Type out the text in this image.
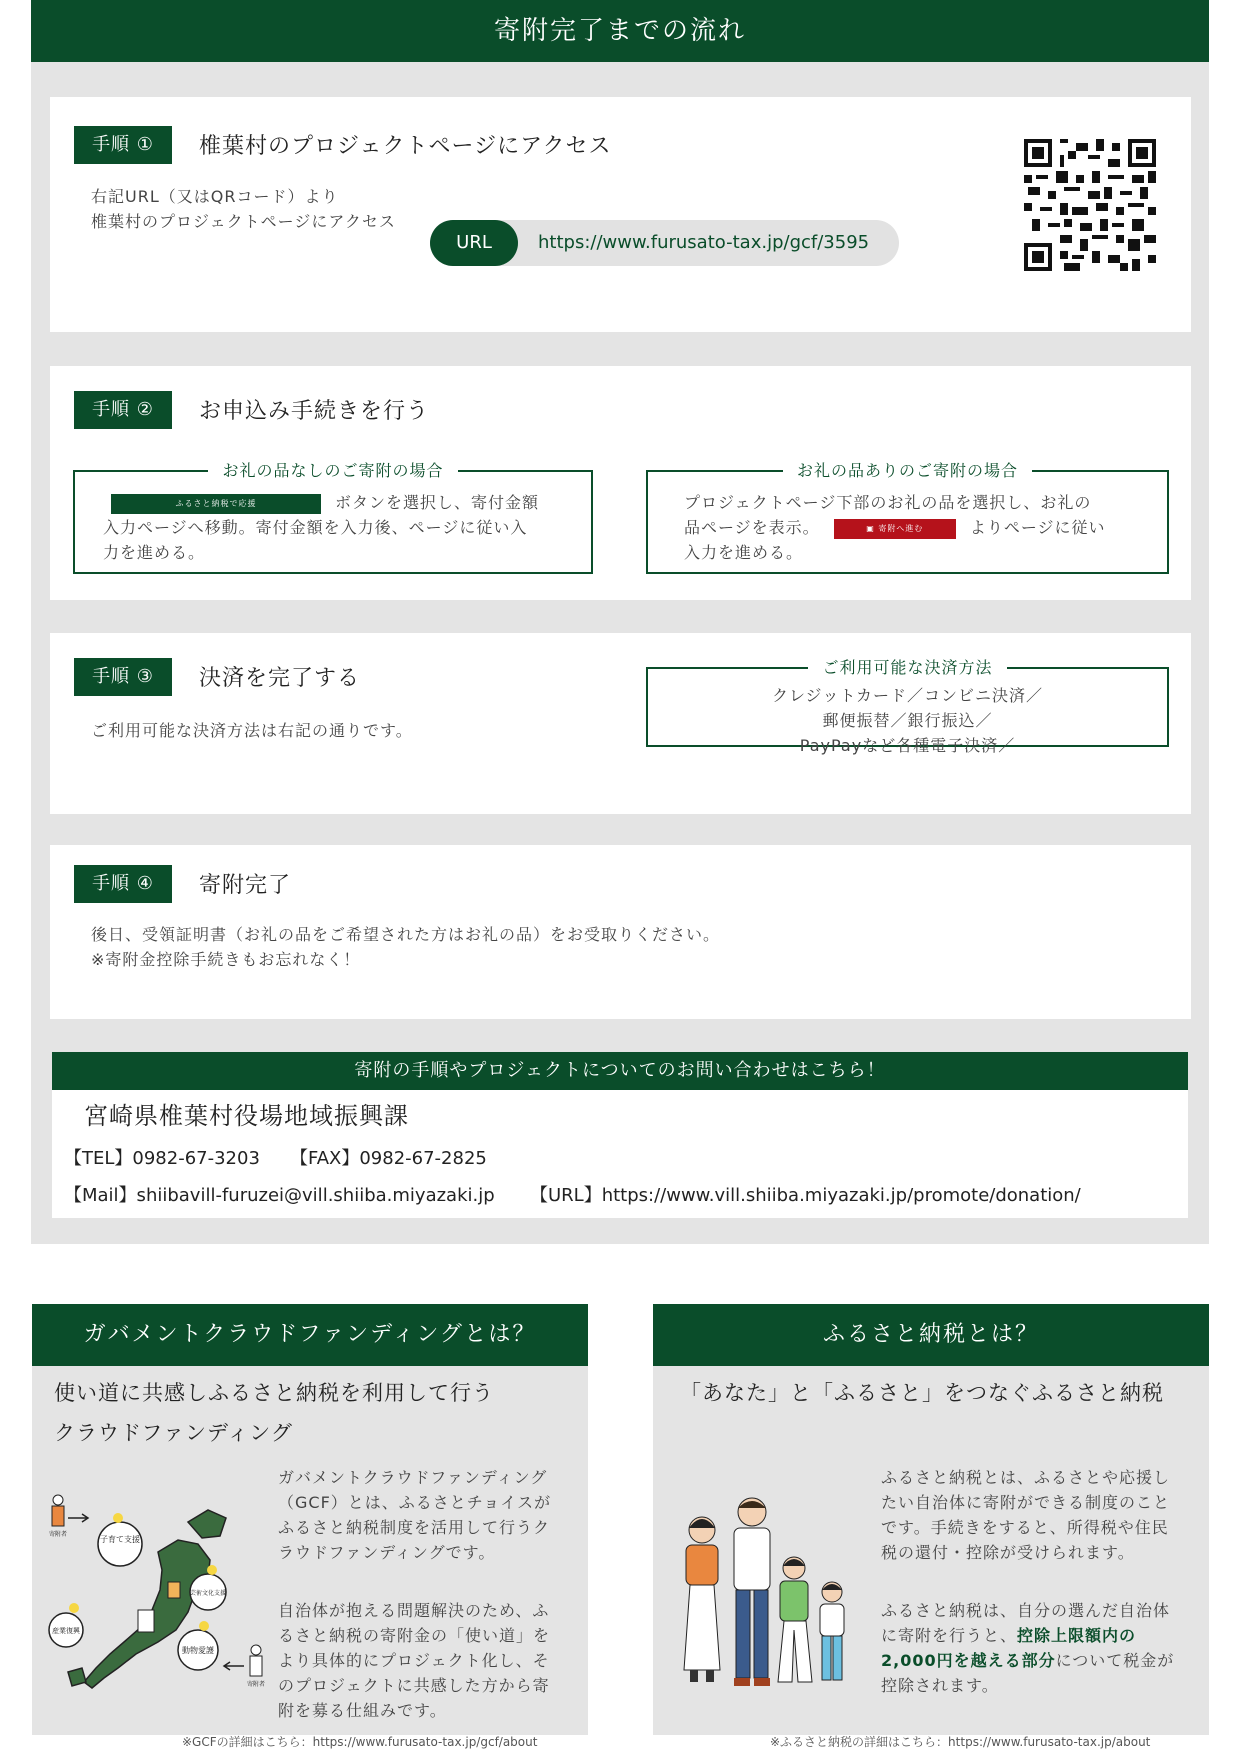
寄附完了までの流れ
手順 ①	椎葉村のプロジェクトページにアクセス
右記URL（又はQRコード）より
椎葉村のプロジェクトページにアクセス
URL	https://www.furusato-tax.jp/gcf/3595
手順 ②	お申込み手続きを行う
お礼の品なしのご寄附の場合
ふるさと納税で応援	ボタンを選択し、寄付金額
入力ページへ移動。寄付金額を入力後、ページに従い入
力を進める。
お礼の品ありのご寄附の場合
プロジェクトページ下部のお礼の品を選択し、お礼の
品ページを表示。	▣ 寄附へ進む	よりページに従い
入力を進める。
手順 ③	決済を完了する
ご利用可能な決済方法は右記の通りです。
ご利用可能な決済方法
クレジットカード／コンビニ決済／
郵便振替／銀行振込／
PayPayなど各種電子決済／
手順 ④	寄附完了
後日、受領証明書（お礼の品をご希望された方はお礼の品）をお受取りください。
※寄附金控除手続きもお忘れなく！
寄附の手順やプロジェクトについてのお問い合わせはこちら！
宮崎県椎葉村役場地域振興課
【TEL】0982-67-3203 【FAX】0982-67-2825
【Mail】shiibavill-furuzei@vill.shiiba.miyazaki.jp 【URL】https://www.vill.shiiba.miyazaki.jp/promote/donation/
ガバメントクラウドファンディングとは？
使い道に共感しふるさと納税を利用して行う
クラウドファンディング
ガバメントクラウドファンディング
（GCF）とは、ふるさとチョイスが
ふるさと納税制度を活用して行うク
ラウドファンディングです。
自治体が抱える問題解決のため、ふ
るさと納税の寄附金の「使い道」を
より具体的にプロジェクト化し、そ
のプロジェクトに共感した方から寄
附を募る仕組みです。
子育て支援
芸術文化支援
産業復興
動物愛護
寄附者
寄附者
※GCFの詳細はこちら：https://www.furusato-tax.jp/gcf/about
ふるさと納税とは？
「あなた」と「ふるさと」をつなぐふるさと納税
ふるさと納税とは、ふるさとや応援し
たい自治体に寄附ができる制度のこと
です。手続きをすると、所得税や住民
税の還付・控除が受けられます。
ふるさと納税は、自分の選んだ自治体
に寄附を行うと、控除上限額内の
2,000円を越える部分について税金が
控除されます。
※ふるさと納税の詳細はこちら：https://www.furusato-tax.jp/about
